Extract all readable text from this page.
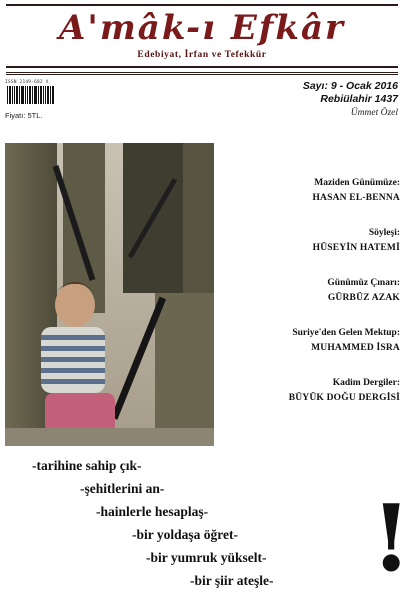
A'mâk-ı Efkâr
Edebiyat, İrfan ve Tefekkür
ISSN 2149-682 X
Fiyatı: 5TL.
Sayı: 9 - Ocak 2016
Rebiülahir 1437
Ümmet Özel
Maziden Günümüze:
HASAN EL-BENNA
Söyleşi:
HÜSEYİN HATEMİ
Günümüz Çınarı:
GÜRBÜZ AZAK
Suriye'den Gelen Mektup:
MUHAMMED İSRA
Kadim Dergiler:
BÜYÜK DOĞU DERGİSİ
-tarihine sahip çık-
-şehitlerini an-
-hainlerle hesaplaş-
-bir yoldaşa öğret-
-bir yumruk yükselt-
-bir şiir ateşle- !
